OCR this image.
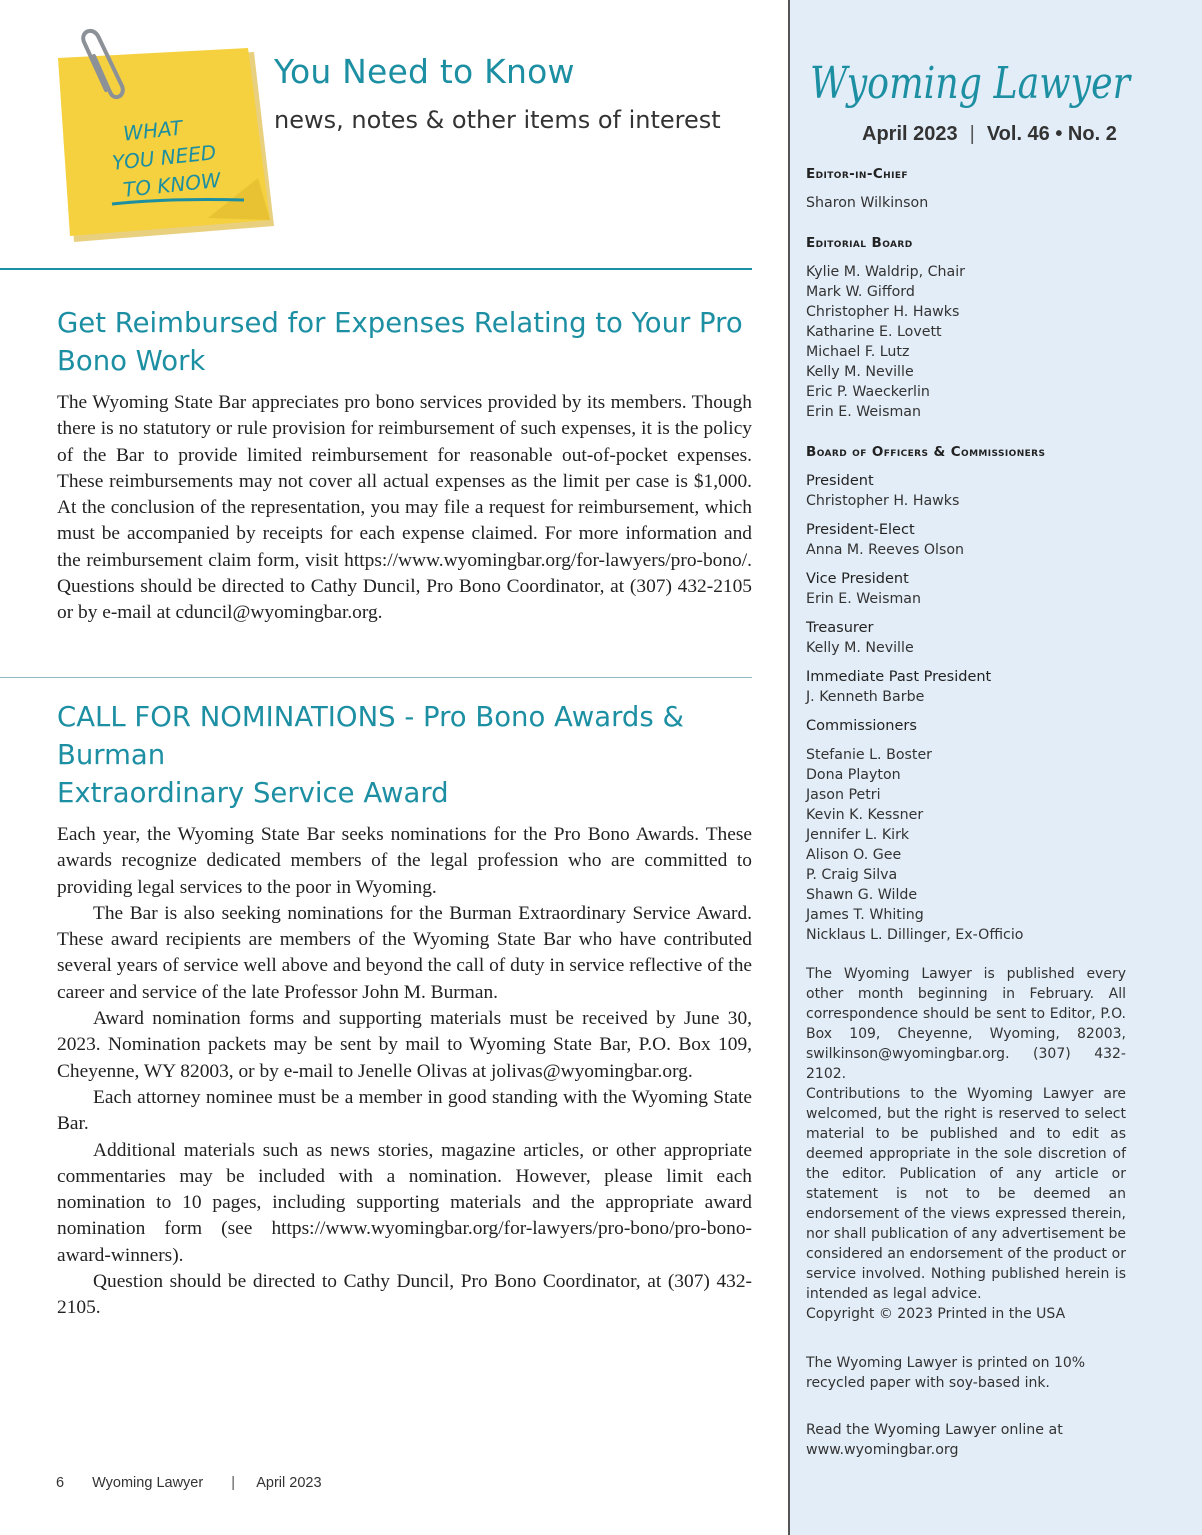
WHAT
YOU NEED
TO KNOW
You Need to Know
news, notes & other items of interest
Get Reimbursed for Expenses Relating to Your Pro
Bono Work

The Wyoming State Bar appreciates pro bono services provided by its members. Though there is no statutory or rule provision for reimbursement of such expenses, it is the policy of the Bar to provide limited reimbursement for reasonable out-of-pocket expenses. These reimbursements may not cover all actual expenses as the limit per case is $1,000. At the conclusion of the representation, you may file a request for reimbursement, which must be accompanied by receipts for each expense claimed. For more information and the reimbursement claim form, visit https://www.wyomingbar.org/for-lawyers/pro-bono/. Questions should be directed to Cathy Duncil, Pro Bono Coordinator, at (307) 432-2105 or by e-mail at cduncil@wyomingbar.org.

CALL FOR NOMINATIONS - Pro Bono Awards & Burman
Extraordinary Service Award

Each year, the Wyoming State Bar seeks nominations for the Pro Bono Awards. These awards recognize dedicated members of the legal profession who are committed to providing legal services to the poor in Wyoming.

The Bar is also seeking nominations for the Burman Extraordinary Service Award. These award recipients are members of the Wyoming State Bar who have contributed several years of service well above and beyond the call of duty in service reflective of the career and service of the late Professor John M. Burman.

Award nomination forms and supporting materials must be received by June 30, 2023. Nomination packets may be sent by mail to Wyoming State Bar, P.O. Box 109, Cheyenne, WY 82003, or by e-mail to Jenelle Olivas at jolivas@wyomingbar.org.

Each attorney nominee must be a member in good standing with the Wyoming State Bar.

Additional materials such as news stories, magazine articles, or other appropriate commentaries may be included with a nomination. However, please limit each nomination to 10 pages, including supporting materials and the appropriate award nomination form (see https://www.wyomingbar.org/for-lawyers/pro-bono/pro-bono-award-winners).

Question should be directed to Cathy Duncil, Pro Bono Coordinator, at (307) 432-2105.

6 Wyoming Lawyer | April 2023
Wyoming Lawyer
April 2023 | Vol. 46 • No. 2
Editor-in-Chief
Sharon Wilkinson
Editorial Board
Kylie M. Waldrip, Chair
Mark W. Gifford
Christopher H. Hawks
Katharine E. Lovett
Michael F. Lutz
Kelly M. Neville
Eric P. Waeckerlin
Erin E. Weisman
Board of Officers & Commissioners
President
Christopher H. Hawks
President-Elect
Anna M. Reeves Olson
Vice President
Erin E. Weisman
Treasurer
Kelly M. Neville
Immediate Past President
J. Kenneth Barbe
Commissioners
Stefanie L. Boster
Dona Playton
Jason Petri
Kevin K. Kessner
Jennifer L. Kirk
Alison O. Gee
P. Craig Silva
Shawn G. Wilde
James T. Whiting
Nicklaus L. Dillinger, Ex-Officio

The Wyoming Lawyer is published every other month beginning in February. All correspondence should be sent to Editor, P.O. Box 109, Cheyenne, Wyoming, 82003, swilkinson@wyomingbar.org. (307) 432-2102.

Contributions to the Wyoming Lawyer are welcomed, but the right is reserved to select material to be published and to edit as deemed appropriate in the sole discretion of the editor. Publication of any article or statement is not to be deemed an endorsement of the views expressed therein, nor shall publication of any advertisement be considered an endorsement of the product or service involved. Nothing published herein is intended as legal advice.

Copyright © 2023 Printed in the USA

The Wyoming Lawyer is printed on 10% recycled paper with soy-based ink.

Read the Wyoming Lawyer online at
www.wyomingbar.org
